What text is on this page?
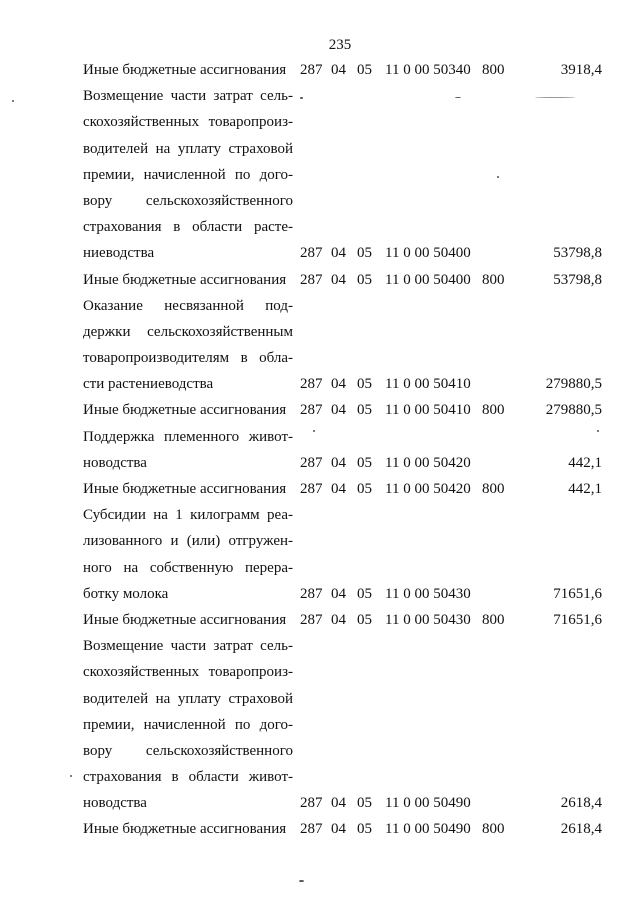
235
Иные бюджетные ассигнования 287 04 05 11 0 00 50340 800	3918,4
Возмещение части затрат сель-
скохозяйственных товаропроиз-
водителей на уплату страховой
премии, начисленной по дого-
вору сельскохозяйственного
страхования в области расте-
ниеводства	287 04 05 11 0 00 50400	53798,8
Иные бюджетные ассигнования 287 04 05 11 0 00 50400 800	53798,8
Оказание несвязанной под-
держки сельскохозяйственным
товаропроизводителям в обла-
сти растениеводства	287 04 05 11 0 00 50410	279880,5
Иные бюджетные ассигнования 287 04 05 11 0 00 50410 800	279880,5
Поддержка племенного живот-
новодства	287 04 05 11 0 00 50420	442,1
Иные бюджетные ассигнования 287 04 05 11 0 00 50420 800	442,1
Субсидии на 1 килограмм реа-
лизованного и (или) отгружен-
ного на собственную перера-
ботку молока	287 04 05 11 0 00 50430	71651,6
Иные бюджетные ассигнования 287 04 05 11 0 00 50430 800	71651,6
Возмещение части затрат сель-
скохозяйственных товаропроиз-
водителей на уплату страховой
премии, начисленной по дого-
вору сельскохозяйственного
страхования в области живот-
новодства	287 04 05 11 0 00 50490	2618,4
Иные бюджетные ассигнования 287 04 05 11 0 00 50490 800	2618,4
